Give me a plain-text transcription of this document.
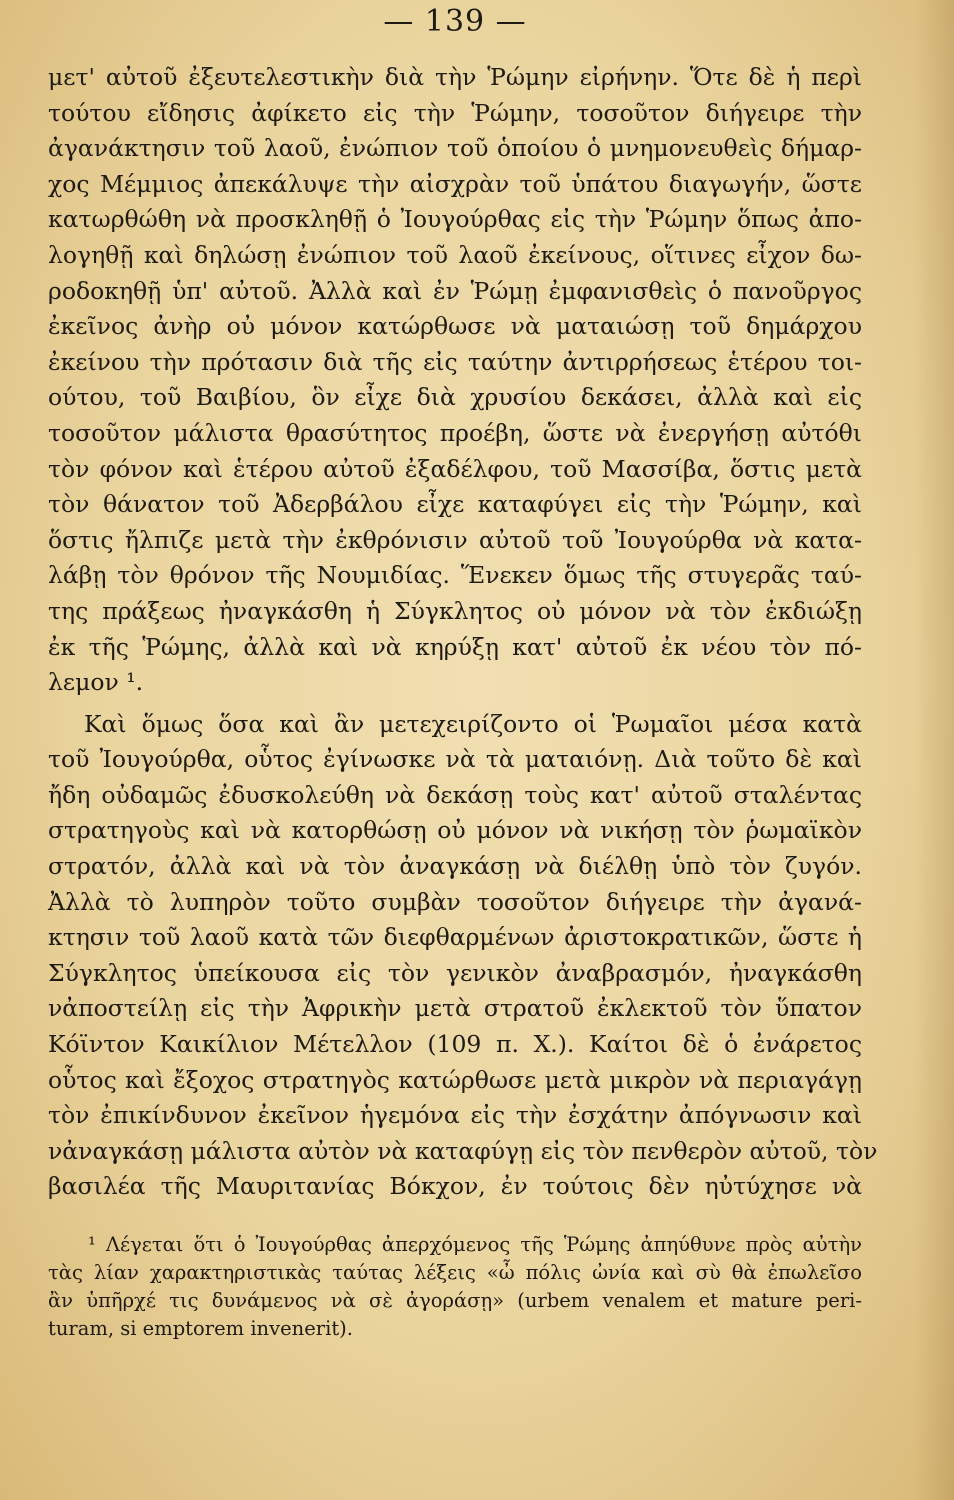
— 139 —
μετ' αὐτοῦ ἐξευτελεστικὴν διὰ τὴν Ῥώμην εἰρήνην. Ὅτε δὲ ἡ περὶ
τούτου εἴδησις ἀφίκετο εἰς τὴν Ῥώμην, τοσοῦτον διήγειρε τὴν
ἀγανάκτησιν τοῦ λαοῦ, ἐνώπιον τοῦ ὁποίου ὁ μνημονευθεὶς δήμαρ-
χος Μέμμιος ἀπεκάλυψε τὴν αἰσχρὰν τοῦ ὑπάτου διαγωγήν, ὥστε
κατωρθώθη νὰ προσκληθῇ ὁ Ἰουγούρθας εἰς τὴν Ῥώμην ὅπως ἀπο-
λογηθῇ καὶ δηλώσῃ ἐνώπιον τοῦ λαοῦ ἐκείνους, οἵτινες εἶχον δω-
ροδοκηθῇ ὑπ' αὐτοῦ. Ἀλλὰ καὶ ἐν Ῥώμῃ ἐμφανισθεὶς ὁ πανοῦργος
ἐκεῖνος ἀνὴρ οὐ μόνον κατώρθωσε νὰ ματαιώσῃ τοῦ δημάρχου
ἐκείνου τὴν πρότασιν διὰ τῆς εἰς ταύτην ἀντιρρήσεως ἑτέρου τοι-
ούτου, τοῦ Βαιβίου, ὃν εἶχε διὰ χρυσίου δεκάσει, ἀλλὰ καὶ εἰς
τοσοῦτον μάλιστα θρασύτητος προέβη, ὥστε νὰ ἐνεργήσῃ αὐτόθι
τὸν φόνον καὶ ἑτέρου αὐτοῦ ἐξαδέλφου, τοῦ Μασσίβα, ὅστις μετὰ
τὸν θάνατον τοῦ Ἀδερβάλου εἶχε καταφύγει εἰς τὴν Ῥώμην, καὶ
ὅστις ἤλπιζε μετὰ τὴν ἐκθρόνισιν αὐτοῦ τοῦ Ἰουγούρθα νὰ κατα-
λάβῃ τὸν θρόνον τῆς Νουμιδίας. Ἕνεκεν ὅμως τῆς στυγερᾶς ταύ-
της πράξεως ἠναγκάσθη ἡ Σύγκλητος οὐ μόνον νὰ τὸν ἐκδιώξῃ
ἐκ τῆς Ῥώμης, ἀλλὰ καὶ νὰ κηρύξῃ κατ' αὐτοῦ ἐκ νέου τὸν πό-
λεμον ¹.
Καὶ ὅμως ὅσα καὶ ἂν μετεχειρίζοντο οἱ Ῥωμαῖοι μέσα κατὰ
τοῦ Ἰουγούρθα, οὗτος ἐγίνωσκε νὰ τὰ ματαιόνῃ. Διὰ τοῦτο δὲ καὶ
ἤδη οὐδαμῶς ἐδυσκολεύθη νὰ δεκάσῃ τοὺς κατ' αὐτοῦ σταλέντας
στρατηγοὺς καὶ νὰ κατορθώσῃ οὐ μόνον νὰ νικήσῃ τὸν ῥωμαϊκὸν
στρατόν, ἀλλὰ καὶ νὰ τὸν ἀναγκάσῃ νὰ διέλθῃ ὑπὸ τὸν ζυγόν.
Ἀλλὰ τὸ λυπηρὸν τοῦτο συμβὰν τοσοῦτον διήγειρε τὴν ἀγανά-
κτησιν τοῦ λαοῦ κατὰ τῶν διεφθαρμένων ἀριστοκρατικῶν, ὥστε ἡ
Σύγκλητος ὑπείκουσα εἰς τὸν γενικὸν ἀναβρασμόν, ἠναγκάσθη
νἀποστείλῃ εἰς τὴν Ἀφρικὴν μετὰ στρατοῦ ἐκλεκτοῦ τὸν ὕπατον
Κόϊντον Καικίλιον Μέτελλον (109 π. Χ.). Καίτοι δὲ ὁ ἐνάρετος
οὗτος καὶ ἔξοχος στρατηγὸς κατώρθωσε μετὰ μικρὸν νὰ περιαγάγῃ
τὸν ἐπικίνδυνον ἐκεῖνον ἡγεμόνα εἰς τὴν ἐσχάτην ἀπόγνωσιν καὶ
νἀναγκάσῃ μάλιστα αὐτὸν νὰ καταφύγῃ εἰς τὸν πενθερὸν αὐτοῦ, τὸν
βασιλέα τῆς Μαυριτανίας Βόκχον, ἐν τούτοις δὲν ηὐτύχησε νὰ
¹ Λέγεται ὅτι ὁ Ἰουγούρθας ἀπερχόμενος τῆς Ῥώμης ἀπηύθυνε πρὸς αὐτὴν
τὰς λίαν χαρακτηριστικὰς ταύτας λέξεις «ὦ πόλις ὠνία καὶ σὺ θὰ ἐπωλεῖσο
ἂν ὑπῆρχέ τις δυνάμενος νὰ σὲ ἀγοράσῃ» (urbem venalem et mature peri-
turam, si emptorem invenerit).
